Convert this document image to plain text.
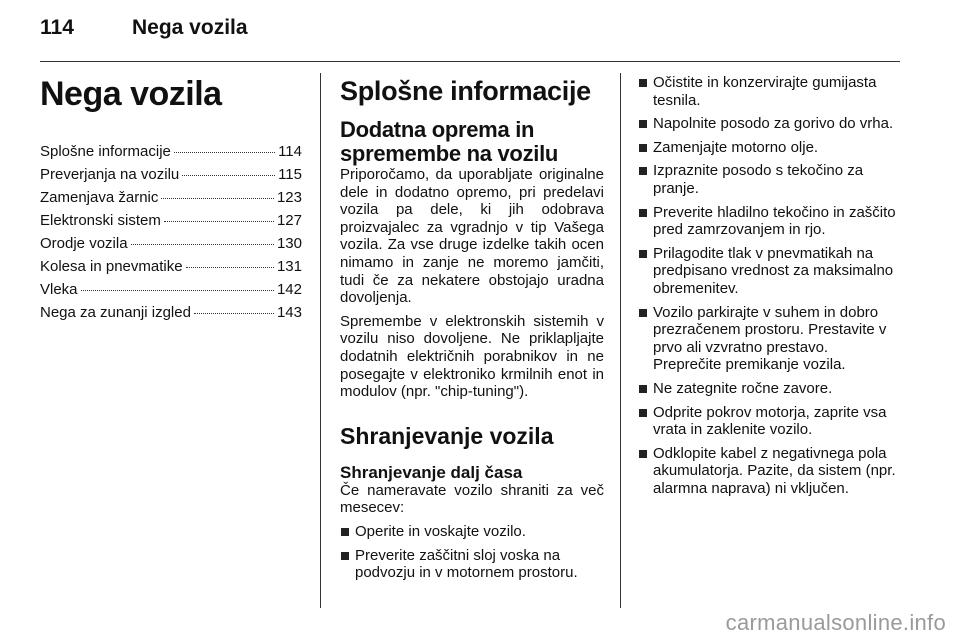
114	Nega vozila
Nega vozila
Splošne informacije	114
Preverjanja na vozilu	115
Zamenjava žarnic	123
Elektronski sistem	127
Orodje vozila	130
Kolesa in pnevmatike	131
Vleka	142
Nega za zunanji izgled	143
Splošne informacije
Dodatna oprema in spremembe na vozilu

Priporočamo, da uporabljate originalne dele in dodatno opremo, pri predelavi vozila pa dele, ki jih odobrava proizvajalec za vgradnjo v tip Vašega vozila. Za vse druge izdelke takih ocen nimamo in zanje ne moremo jamčiti, tudi če za nekatere obstojajo uradna dovoljenja.

Spremembe v elektronskih sistemih v vozilu niso dovoljene. Ne priklapljajte dodatnih električnih porabnikov in ne posegajte v elektroniko krmilnih enot in modulov (npr. "chip-tuning").

Shranjevanje vozila
Shranjevanje dalj časa

Če nameravate vozilo shraniti za več mesecev:

Operite in voskajte vozilo.
Preverite zaščitni sloj voska na podvozju in v motornem prostoru.
Očistite in konzervirajte gumijasta tesnila.
Napolnite posodo za gorivo do vrha.
Zamenjajte motorno olje.
Izpraznite posodo s tekočino za pranje.
Preverite hladilno tekočino in zaščito pred zamrzovanjem in rjo.
Prilagodite tlak v pnevmatikah na predpisano vrednost za maksimalno obremenitev.
Vozilo parkirajte v suhem in dobro prezračenem prostoru. Prestavite v prvo ali vzvratno prestavo. Preprečite premikanje vozila.
Ne zategnite ročne zavore.
Odprite pokrov motorja, zaprite vsa vrata in zaklenite vozilo.
Odklopite kabel z negativnega pola akumulatorja. Pazite, da sistem (npr. alarmna naprava) ni vključen.
carmanualsonline.info
